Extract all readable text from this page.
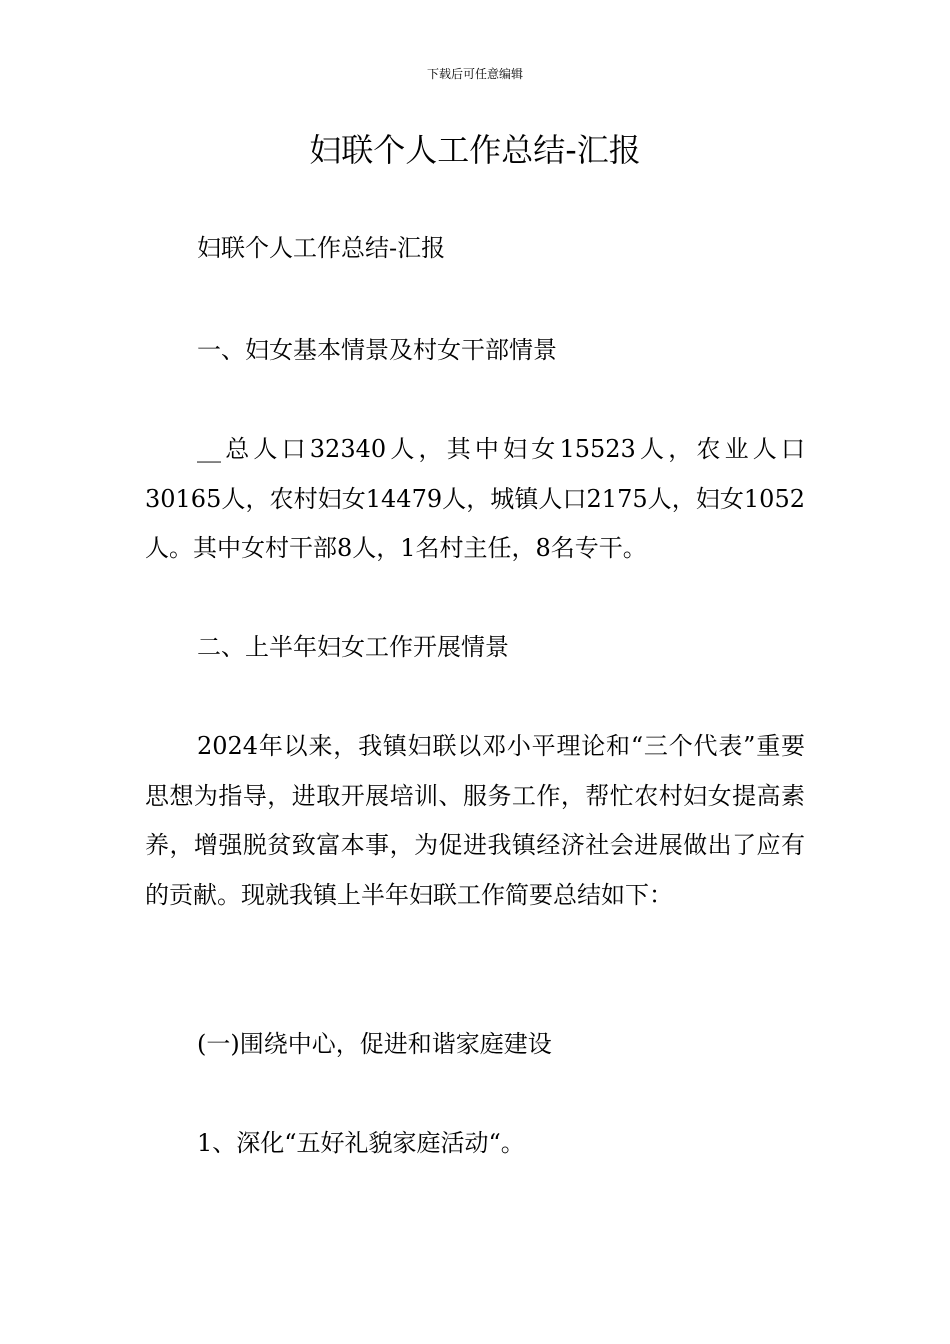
下载后可任意编辑
妇联个人工作总结-汇报

妇联个人工作总结-汇报

一、妇女基本情景及村女干部情景

__总人口32340人，其中妇女15523人，农业人口30165人，农村妇女14479人，城镇人口2175人，妇女1052人。其中女村干部8人，1名村主任，8名专干。

二、上半年妇女工作开展情景

2024年以来，我镇妇联以邓小平理论和“三个代表”重要思想为指导，进取开展培训、服务工作，帮忙农村妇女提高素养，增强脱贫致富本事，为促进我镇经济社会进展做出了应有的贡献。现就我镇上半年妇联工作简要总结如下：

(一)围绕中心，促进和谐家庭建设

1、深化“五好礼貌家庭活动“。
